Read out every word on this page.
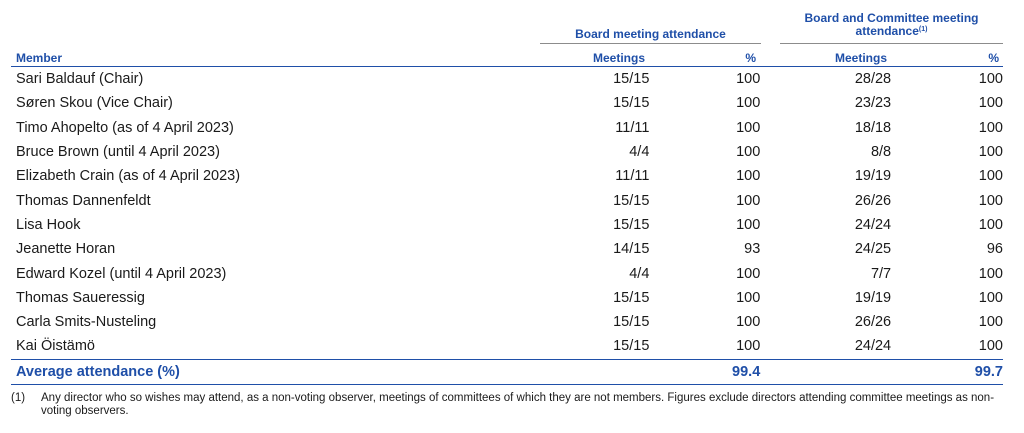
Board meeting attendance
Board and Committee meeting
attendance$^{(1)}$
Member	Meetings	%	Meetings	%
Sari Baldauf (Chair)	15/15	100	28/28	100
Søren Skou (Vice Chair)	15/15	100	23/23	100
Timo Ahopelto (as of 4 April 2023)	11/11	100	18/18	100
Bruce Brown (until 4 April 2023)	4/4	100	8/8	100
Elizabeth Crain (as of 4 April 2023)	11/11	100	19/19	100
Thomas Dannenfeldt	15/15	100	26/26	100
Lisa Hook	15/15	100	24/24	100
Jeanette Horan	14/15	93	24/25	96
Edward Kozel (until 4 April 2023)	4/4	100	7/7	100
Thomas Saueressig	15/15	100	19/19	100
Carla Smits-Nusteling	15/15	100	26/26	100
Kai Öistämö	15/15	100	24/24	100
Average attendance (%)		99.4		99.7
(1) Any director who so wishes may attend, as a non-voting observer, meetings of committees of which they are not members. Figures exclude directors attending committee meetings as non-voting observers.
